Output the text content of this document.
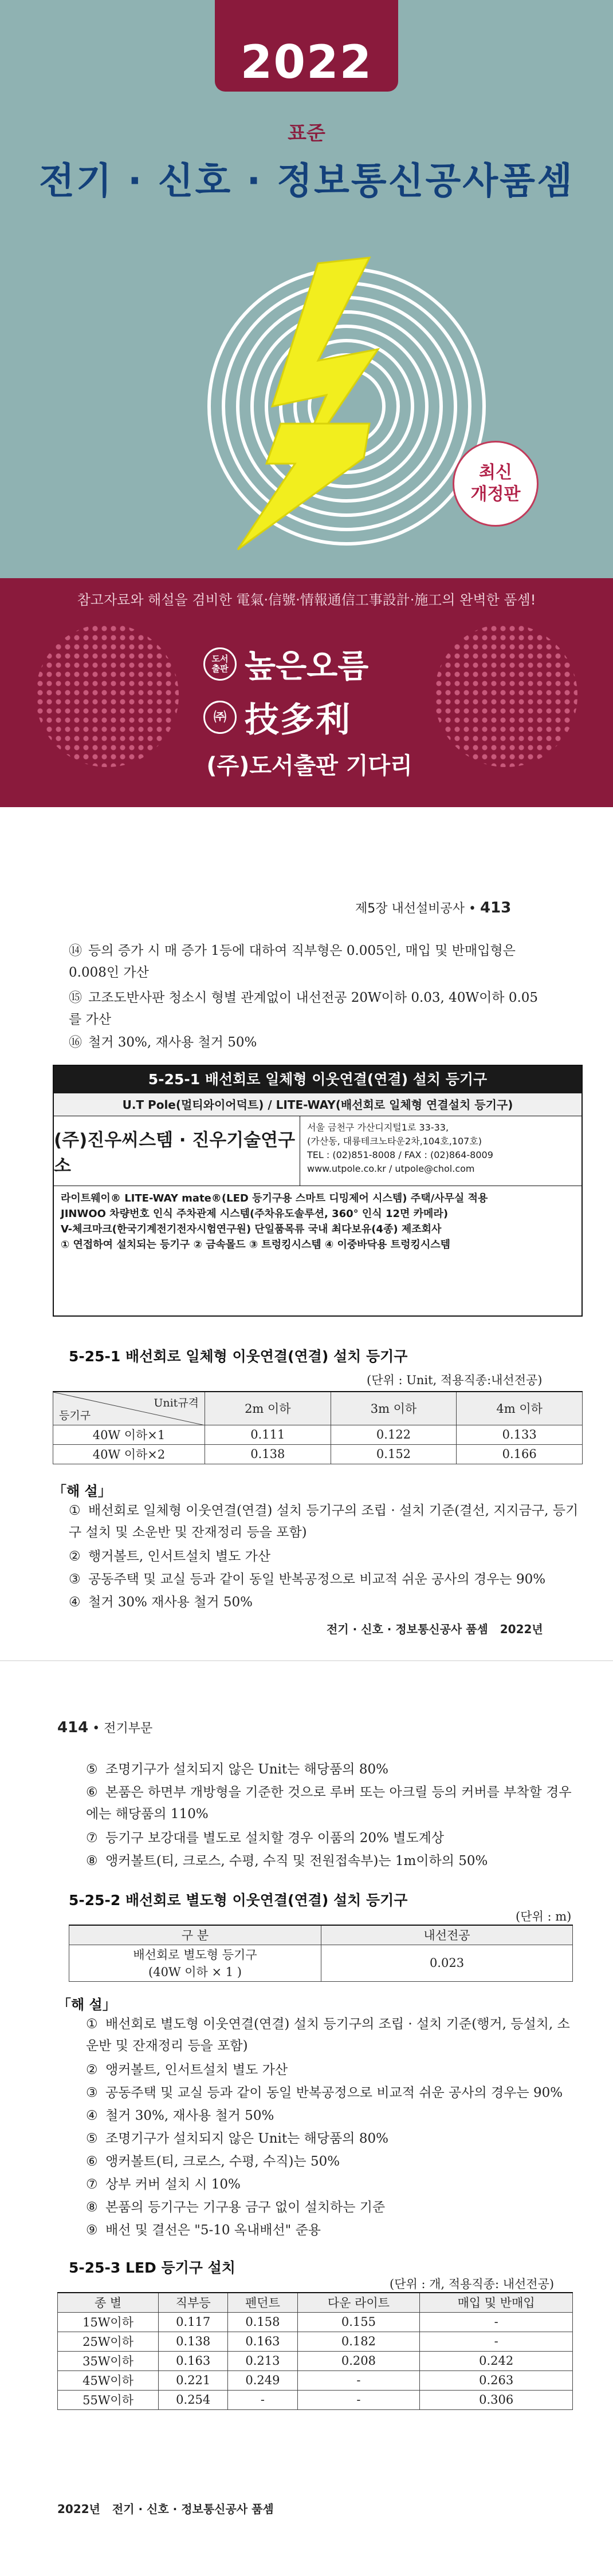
2022
표준
전기 · 신호 · 정보통신공사품셈
최신
개정판
참고자료와 해설을 겸비한 電氣·信號·情報通信工事設計·施工의 완벽한 품셈!
도서
출판 높은오름
㈜ 技多利
(주)도서출판 기다리
제5장 내선설비공사 • 413
⑭ 등의 증가 시 매 증가 1등에 대하여 직부형은 0.005인, 매입 및 반매입형은 0.008인 가산
⑮ 고조도반사판 청소시 형별 관계없이 내선전공 20W이하 0.03, 40W이하 0.05를 가산
⑯ 철거 30%, 재사용 철거 50%
5-25-1 배선회로 일체형 이웃연결(연결) 설치 등기구
U.T Pole(멀티와이어덕트) / LITE-WAY(배선회로 일체형 연결설치 등기구)
(주)진우씨스템 · 진우기술연구소
서울 금천구 가산디지털1로 33-33,
(가산동, 대륭테크노타운2차,104호,107호)
TEL : (02)851-8008 / FAX : (02)864-8009
www.utpole.co.kr / utpole@chol.com
라이트웨이® LITE-WAY mate®(LED 등기구용 스마트 디밍제어 시스템) 주택/사무실 적용
JINWOO 차량번호 인식 주차관제 시스템(주차유도솔루션, 360° 인식 12면 카메라)
V-체크마크(한국기계전기전자시험연구원) 단일품목류 국내 최다보유(4종) 제조회사
① 연접하여 설치되는 등기구 ② 금속몰드 ③ 트렁킹시스템 ④ 이중바닥용 트렁킹시스템
5-25-1 배선회로 일체형 이웃연결(연결) 설치 등기구
(단위 : Unit, 적용직종:내선전공)
Unit규격
등기구	2m 이하	3m 이하	4m 이하
40W 이하×1	0.111	0.122	0.133
40W 이하×2	0.138	0.152	0.166
「해 설」
① 배선회로 일체형 이웃연결(연결) 설치 등기구의 조립 · 설치 기준(결선, 지지금구, 등기구 설치 및 소운반 및 잔재정리 등을 포함)
② 행거볼트, 인서트설치 별도 가산
③ 공동주택 및 교실 등과 같이 동일 반복공정으로 비교적 쉬운 공사의 경우는 90%
④ 철거 30% 재사용 철거 50%
전기 · 신호 · 정보통신공사 품셈 2022년
414 • 전기부문
⑤ 조명기구가 설치되지 않은 Unit는 해당품의 80%
⑥ 본품은 하면부 개방형을 기준한 것으로 루버 또는 아크릴 등의 커버를 부착할 경우에는 해당품의 110%
⑦ 등기구 보강대를 별도로 설치할 경우 이품의 20% 별도계상
⑧ 앵커볼트(티, 크로스, 수평, 수직 및 전원접속부)는 1m이하의 50%
5-25-2 배선회로 별도형 이웃연결(연결) 설치 등기구
(단위 : m)
구 분	내선전공

배선회로 별도형 등기구
(40W 이하 × 1 )	0.023
「해 설」
① 배선회로 별도형 이웃연결(연결) 설치 등기구의 조립 · 설치 기준(행거, 등설치, 소운반 및 잔재정리 등을 포함)
② 앵커볼트, 인서트설치 별도 가산
③ 공동주택 및 교실 등과 같이 동일 반복공정으로 비교적 쉬운 공사의 경우는 90%
④ 철거 30%, 재사용 철거 50%
⑤ 조명기구가 설치되지 않은 Unit는 해당품의 80%
⑥ 앵커볼트(티, 크로스, 수평, 수직)는 50%
⑦ 상부 커버 설치 시 10%
⑧ 본품의 등기구는 기구용 금구 없이 설치하는 기준
⑨ 배선 및 결선은 "5-10 옥내배선" 준용
5-25-3 LED 등기구 설치
(단위 : 개, 적용직종: 내선전공)
종 별	직부등	펜던트	다운 라이트	매입 및 반매입
15W이하	0.117	0.158	0.155	-
25W이하	0.138	0.163	0.182	-
35W이하	0.163	0.213	0.208	0.242
45W이하	0.221	0.249	-	0.263
55W이하	0.254	-	-	0.306
2022년 전기 · 신호 · 정보통신공사 품셈
